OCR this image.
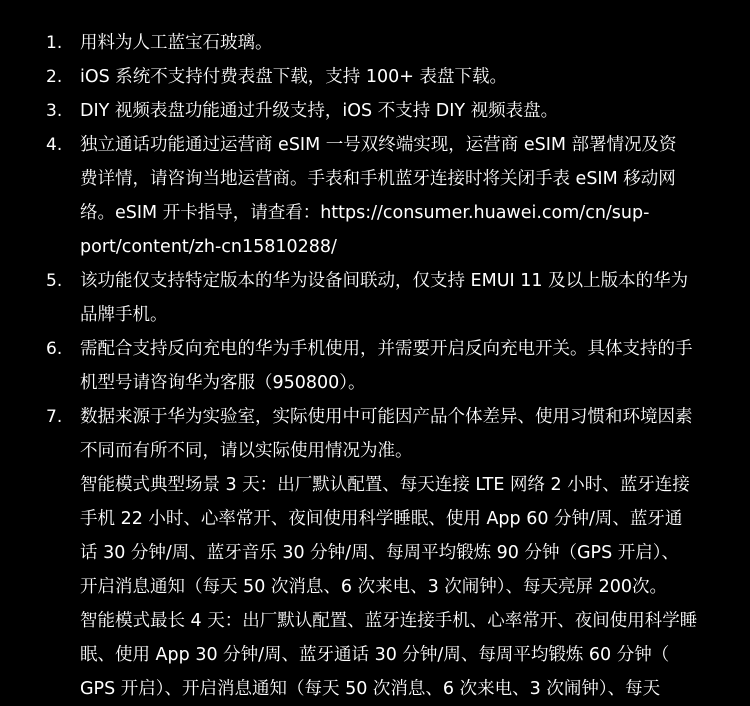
1.	用料为人工蓝宝石玻璃。
2.	iOS 系统不支持付费表盘下载，支持 100+ 表盘下载。
3.	DIY 视频表盘功能通过升级支持，iOS 不支持 DIY 视频表盘。
4.	独立通话功能通过运营商 eSIM 一号双终端实现，运营商 eSIM 部署情况及资
费详情，请咨询当地运营商。手表和手机蓝牙连接时将关闭手表 eSIM 移动网
络。eSIM 开卡指导，请查看：https://consumer.huawei.com/cn/sup-
port/content/zh-cn15810288/
5.	该功能仅支持特定版本的华为设备间联动，仅支持 EMUI 11 及以上版本的华为
品牌手机。
6.	需配合支持反向充电的华为手机使用，并需要开启反向充电开关。具体支持的手
机型号请咨询华为客服（950800）。
7.	数据来源于华为实验室，实际使用中可能因产品个体差异、使用习惯和环境因素
不同而有所不同，请以实际使用情况为准。
智能模式典型场景 3 天：出厂默认配置、每天连接 LTE 网络 2 小时、蓝牙连接
手机 22 小时、心率常开、夜间使用科学睡眠、使用 App 60 分钟/周、蓝牙通
话 30 分钟/周、蓝牙音乐 30 分钟/周、每周平均锻炼 90 分钟（GPS 开启）、
开启消息通知（每天 50 次消息、6 次来电、3 次闹钟）、每天亮屏 200次。
智能模式最长 4 天：出厂默认配置、蓝牙连接手机、心率常开、夜间使用科学睡
眠、使用 App 30 分钟/周、蓝牙通话 30 分钟/周、每周平均锻炼 60 分钟（
GPS 开启）、开启消息通知（每天 50 次消息、6 次来电、3 次闹钟）、每天
